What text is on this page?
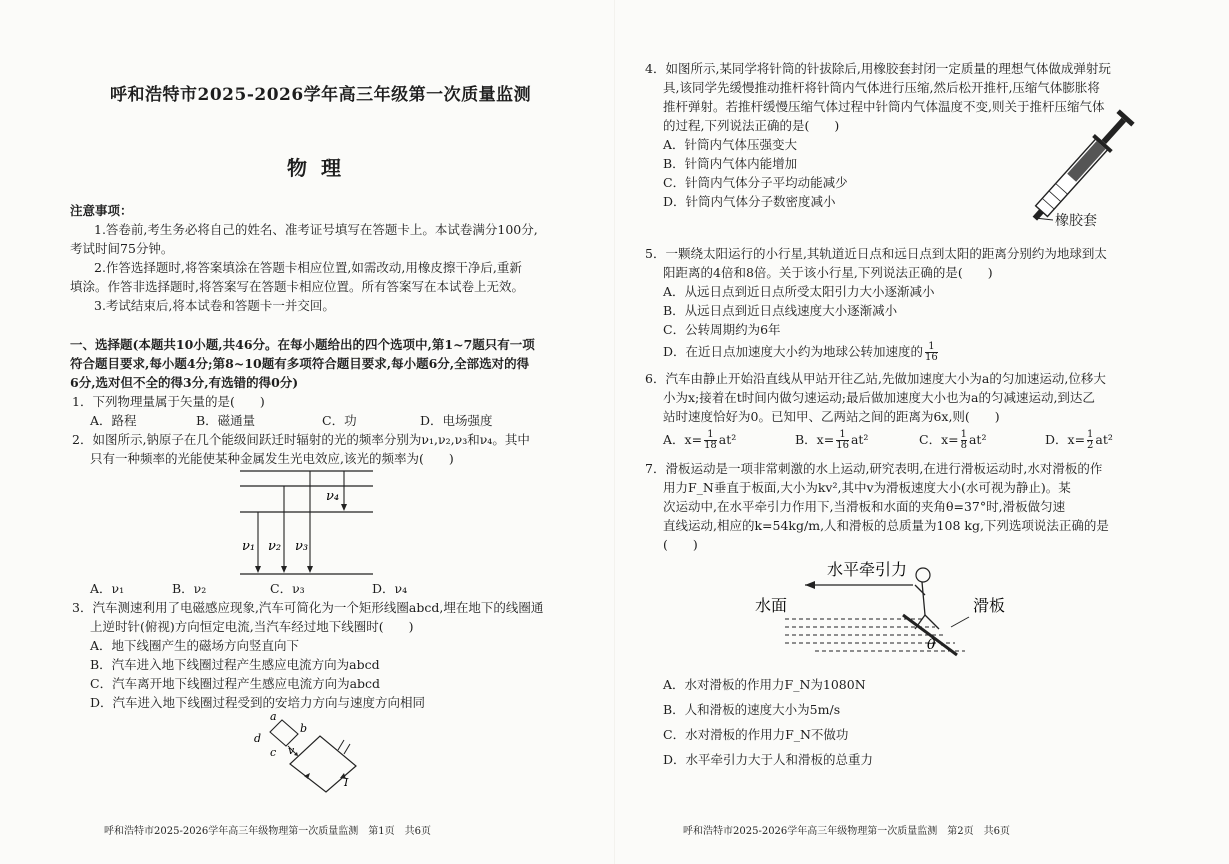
呼和浩特市2025-2026学年高三年级第一次质量监测
物理
注意事项：
1.答卷前,考生务必将自己的姓名、准考证号填写在答题卡上。本试卷满分100分,
考试时间75分钟。
2.作答选择题时,将答案填涂在答题卡相应位置,如需改动,用橡皮擦干净后,重新
填涂。作答非选择题时,将答案写在答题卡相应位置。所有答案写在本试卷上无效。
3.考试结束后,将本试卷和答题卡一并交回。
一、选择题(本题共10小题,共46分。在每小题给出的四个选项中,第1~7题只有一项
符合题目要求,每小题4分;第8~10题有多项符合题目要求,每小题6分,全部选对的得
6分,选对但不全的得3分,有选错的得0分)
1．下列物理量属于矢量的是(　　)
A．路程	B．磁通量	C．功	D．电场强度
2．如图所示,钠原子在几个能级间跃迁时辐射的光的频率分别为ν₁,ν₂,ν₃和ν₄。其中
只有一种频率的光能使某种金属发生光电效应,该光的频率为(　　)
ν₁ ν₂ ν₃
ν₄
A．ν₁	B．ν₂	C．ν₃	D．ν₄
3．汽车测速利用了电磁感应现象,汽车可简化为一个矩形线圈abcd,埋在地下的线圈通
上逆时针(俯视)方向恒定电流,当汽车经过地下线圈时(　　)
A．地下线圈产生的磁场方向竖直向下
B．汽车进入地下线圈过程产生感应电流方向为abcd
C．汽车离开地下线圈过程产生感应电流方向为abcd
D．汽车进入地下线圈过程受到的安培力方向与速度方向相同
a
b
c
d
v
I
呼和浩特市2025-2026学年高三年级物理第一次质量监测　第1页　共6页
4．如图所示,某同学将针筒的针拔除后,用橡胶套封闭一定质量的理想气体做成弹射玩
具,该同学先缓慢推动推杆将针筒内气体进行压缩,然后松开推杆,压缩气体膨胀将
推杆弹射。若推杆缓慢压缩气体过程中针筒内气体温度不变,则关于推杆压缩气体
的过程,下列说法正确的是(　　)
A．针筒内气体压强变大
B．针筒内气体内能增加
C．针筒内气体分子平均动能减少
D．针筒内气体分子数密度减小
橡胶套
5．一颗绕太阳运行的小行星,其轨道近日点和远日点到太阳的距离分别约为地球到太
阳距离的4倍和8倍。关于该小行星,下列说法正确的是(　　)
A．从远日点到近日点所受太阳引力大小逐渐减小
B．从远日点到近日点线速度大小逐渐减小
C．公转周期约为6年
D．在近日点加速度大小约为地球公转加速度的 $\frac{1}{16}$
6．汽车由静止开始沿直线从甲站开往乙站,先做加速度大小为a的匀加速运动,位移大
小为x;接着在t时间内做匀速运动;最后做加速度大小也为a的匀减速运动,到达乙
站时速度恰好为0。已知甲、乙两站之间的距离为6x,则(　　)
A．$x= \frac{1}{18} at^2$	B．$x= \frac{1}{16} at^2$	C．$x= \frac{1}{8} at^2$	D．$x= \frac{1}{2} at^2$
7．滑板运动是一项非常刺激的水上运动,研究表明,在进行滑板运动时,水对滑板的作
用力F_N垂直于板面,大小为kv²,其中v为滑板速度大小(水可视为静止)。某
次运动中,在水平牵引力作用下,当滑板和水面的夹角θ=37°时,滑板做匀速
直线运动,相应的k=54kg/m,人和滑板的总质量为108 kg,下列选项说法正确的是
(　　)
水平牵引力
水面	滑板
θ
A．水对滑板的作用力F_N为1080N
B．人和滑板的速度大小为5m/s
C．水对滑板的作用力F_N不做功
D．水平牵引力大于人和滑板的总重力
呼和浩特市2025-2026学年高三年级物理第一次质量监测　第2页　共6页
